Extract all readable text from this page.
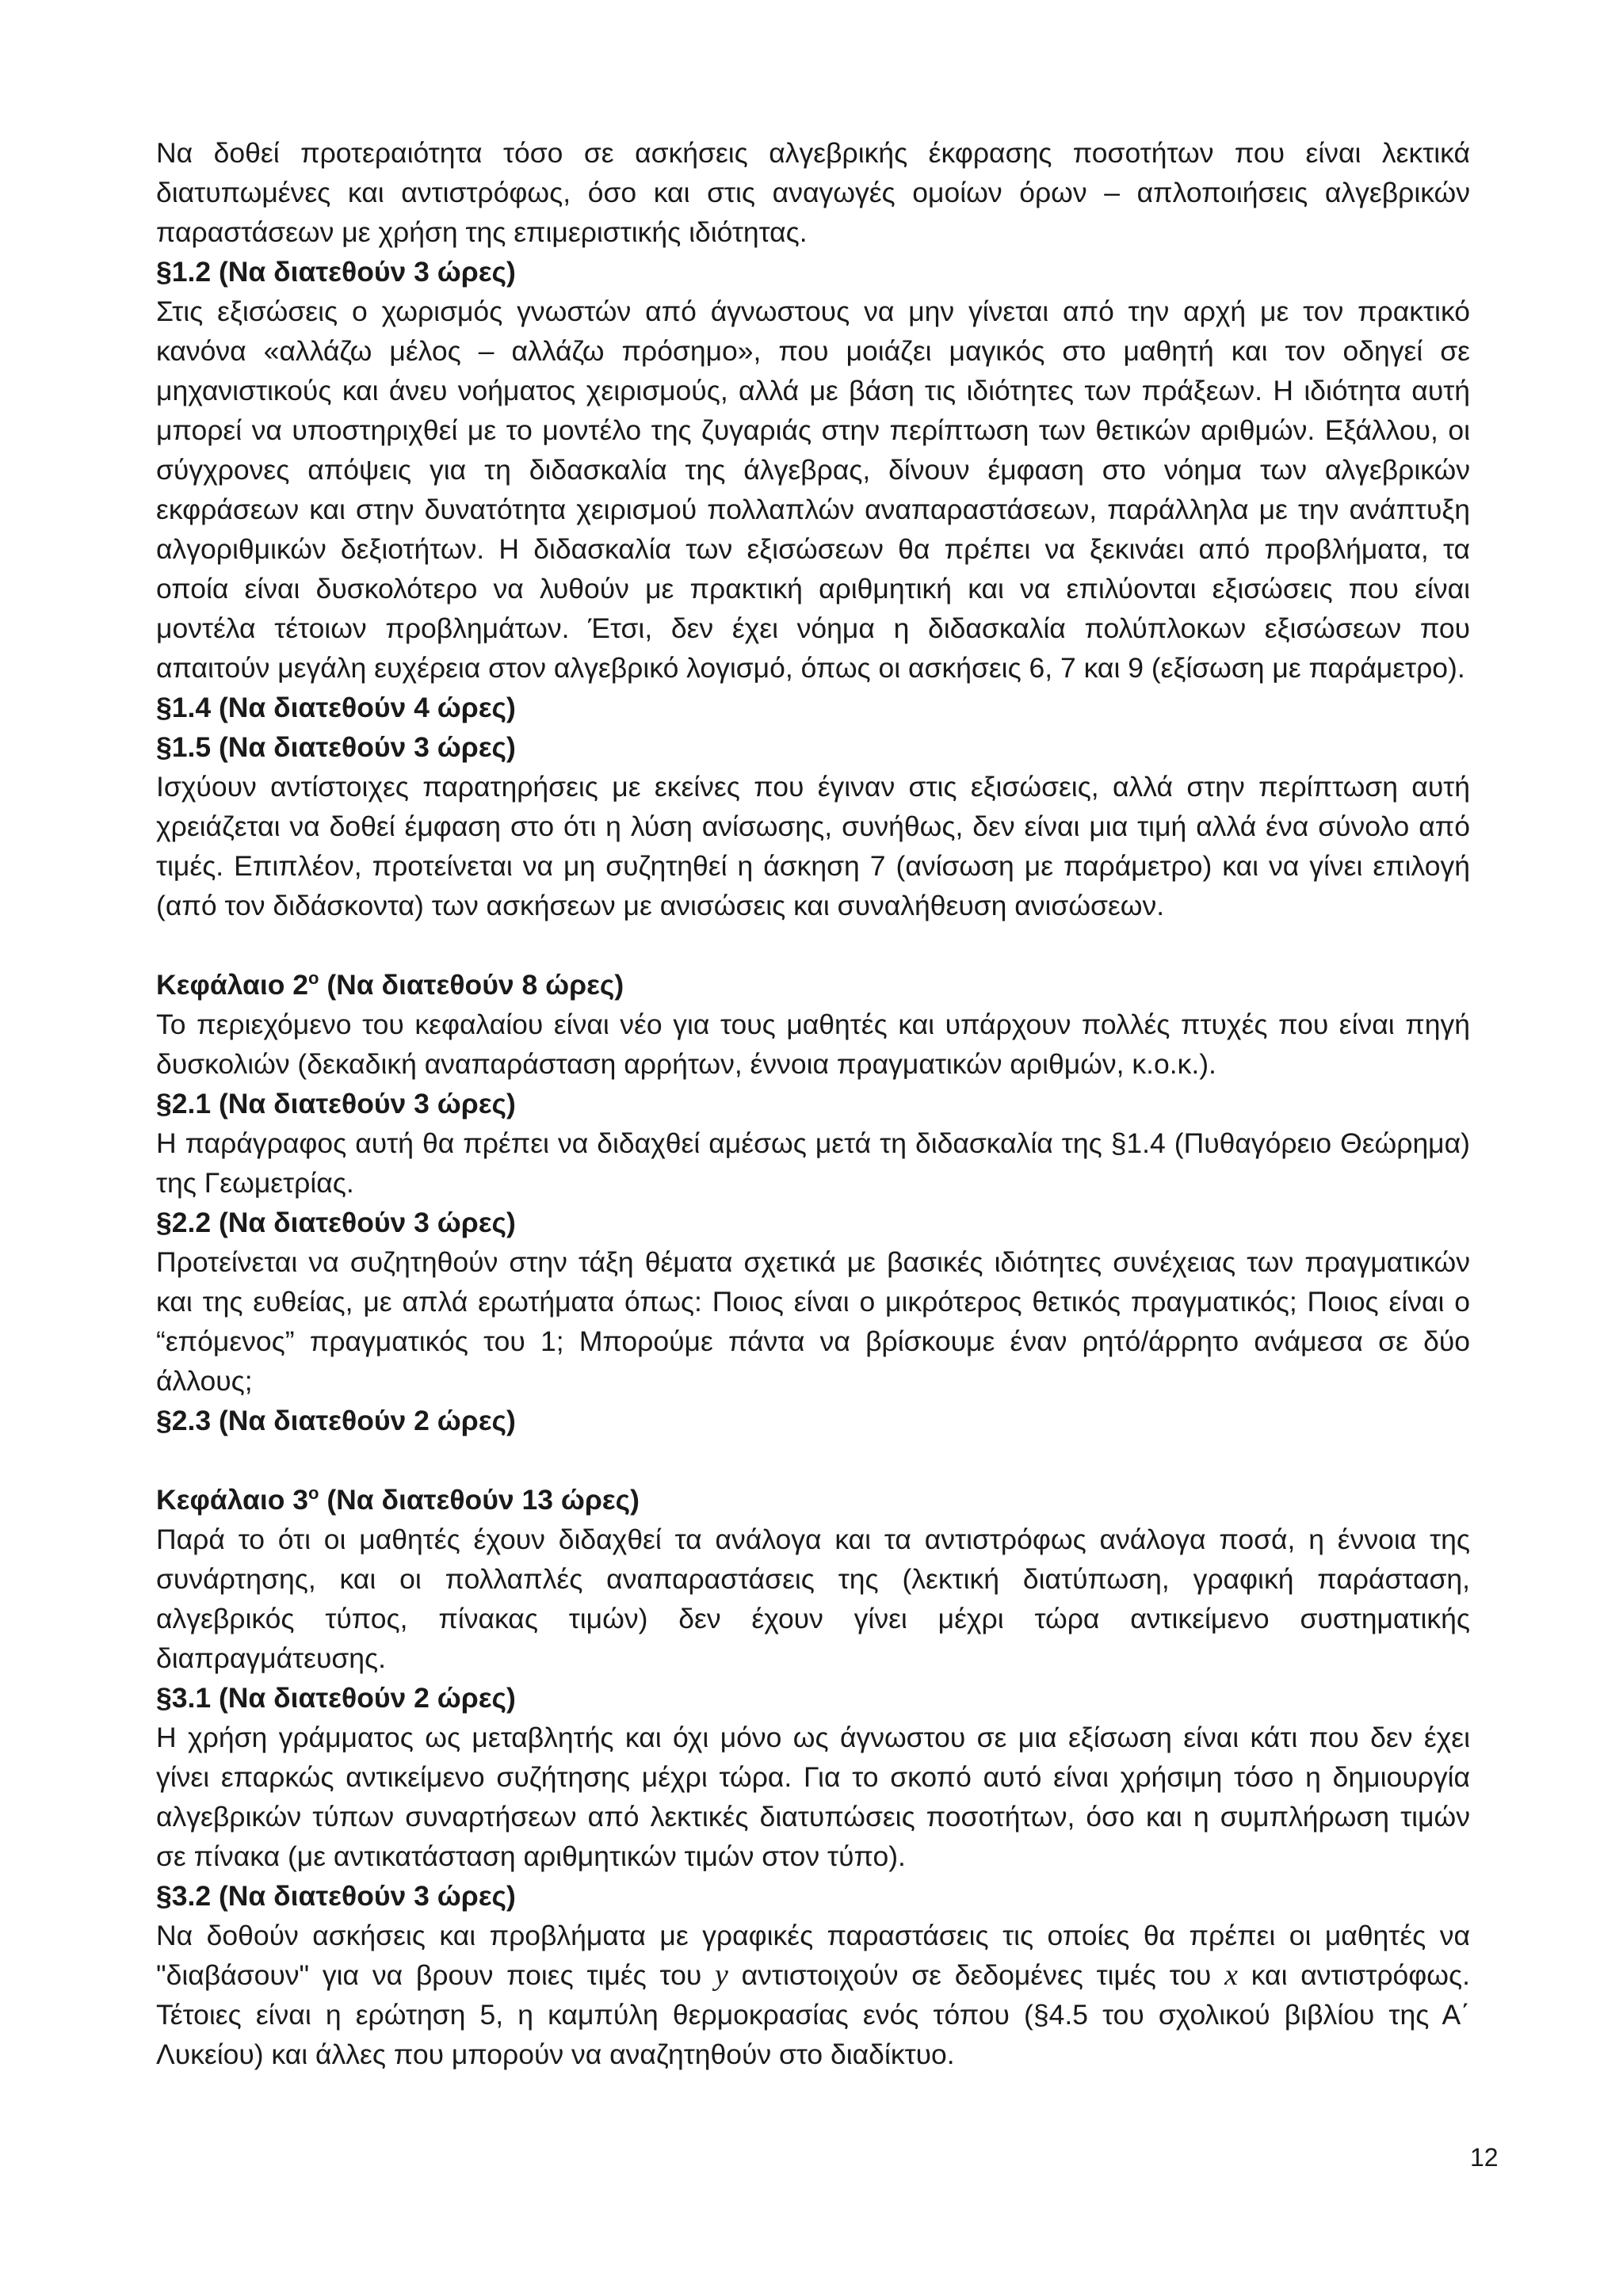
Να δοθεί προτεραιότητα τόσο σε ασκήσεις αλγεβρικής έκφρασης ποσοτήτων που είναι λεκτικά διατυπωμένες και αντιστρόφως, όσο και στις αναγωγές ομοίων όρων – απλοποιήσεις αλγεβρικών παραστάσεων με χρήση της επιμεριστικής ιδιότητας.

§1.2 (Να διατεθούν 3 ώρες)

Στις εξισώσεις ο χωρισμός γνωστών από άγνωστους να μην γίνεται από την αρχή με τον πρακτικό κανόνα «αλλάζω μέλος – αλλάζω πρόσημο», που μοιάζει μαγικός στο μαθητή και τον οδηγεί σε μηχανιστικούς και άνευ νοήματος χειρισμούς, αλλά με βάση τις ιδιότητες των πράξεων. Η ιδιότητα αυτή μπορεί να υποστηριχθεί με το μοντέλο της ζυγαριάς στην περίπτωση των θετικών αριθμών. Εξάλλου, οι σύγχρονες απόψεις για τη διδασκαλία της άλγεβρας, δίνουν έμφαση στο νόημα των αλγεβρικών εκφράσεων και στην δυνατότητα χειρισμού πολλαπλών αναπαραστάσεων, παράλληλα με την ανάπτυξη αλγοριθμικών δεξιοτήτων. Η διδασκαλία των εξισώσεων θα πρέπει να ξεκινάει από προβλήματα, τα οποία είναι δυσκολότερο να λυθούν με πρακτική αριθμητική και να επιλύονται εξισώσεις που είναι μοντέλα τέτοιων προβλημάτων. Έτσι, δεν έχει νόημα η διδασκαλία πολύπλοκων εξισώσεων που απαιτούν μεγάλη ευχέρεια στον αλγεβρικό λογισμό, όπως οι ασκήσεις 6, 7 και 9 (εξίσωση με παράμετρο).

§1.4 (Να διατεθούν 4 ώρες)

§1.5 (Να διατεθούν 3 ώρες)

Ισχύουν αντίστοιχες παρατηρήσεις με εκείνες που έγιναν στις εξισώσεις, αλλά στην περίπτωση αυτή χρειάζεται να δοθεί έμφαση στο ότι η λύση ανίσωσης, συνήθως, δεν είναι μια τιμή αλλά ένα σύνολο από τιμές. Επιπλέον, προτείνεται να μη συζητηθεί η άσκηση 7 (ανίσωση με παράμετρο) και να γίνει επιλογή (από τον διδάσκοντα) των ασκήσεων με ανισώσεις και συναλήθευση ανισώσεων.

Κεφάλαιο $2^o$ (Να διατεθούν 8 ώρες)

Το περιεχόμενο του κεφαλαίου είναι νέο για τους μαθητές και υπάρχουν πολλές πτυχές που είναι πηγή δυσκολιών (δεκαδική αναπαράσταση αρρήτων, έννοια πραγματικών αριθμών, κ.ο.κ.).

§2.1 (Να διατεθούν 3 ώρες)

Η παράγραφος αυτή θα πρέπει να διδαχθεί αμέσως μετά τη διδασκαλία της §1.4 (Πυθαγόρειο Θεώρημα) της Γεωμετρίας.

§2.2 (Να διατεθούν 3 ώρες)

Προτείνεται να συζητηθούν στην τάξη θέματα σχετικά με βασικές ιδιότητες συνέχειας των πραγματικών και της ευθείας, με απλά ερωτήματα όπως: Ποιος είναι ο μικρότερος θετικός πραγματικός; Ποιος είναι ο “επόμενος” πραγματικός του 1; Μπορούμε πάντα να βρίσκουμε έναν ρητό/άρρητο ανάμεσα σε δύο άλλους;

§2.3 (Να διατεθούν 2 ώρες)

Κεφάλαιο $3^o$ (Να διατεθούν 13 ώρες)

Παρά το ότι οι μαθητές έχουν διδαχθεί τα ανάλογα και τα αντιστρόφως ανάλογα ποσά, η έννοια της συνάρτησης, και οι πολλαπλές αναπαραστάσεις της (λεκτική διατύπωση, γραφική παράσταση, αλγεβρικός τύπος, πίνακας τιμών) δεν έχουν γίνει μέχρι τώρα αντικείμενο συστηματικής διαπραγμάτευσης.

§3.1 (Να διατεθούν 2 ώρες)

Η χρήση γράμματος ως μεταβλητής και όχι μόνο ως άγνωστου σε μια εξίσωση είναι κάτι που δεν έχει γίνει επαρκώς αντικείμενο συζήτησης μέχρι τώρα. Για το σκοπό αυτό είναι χρήσιμη τόσο η δημιουργία αλγεβρικών τύπων συναρτήσεων από λεκτικές διατυπώσεις ποσοτήτων, όσο και η συμπλήρωση τιμών σε πίνακα (με αντικατάσταση αριθμητικών τιμών στον τύπο).

§3.2 (Να διατεθούν 3 ώρες)

Να δοθούν ασκήσεις και προβλήματα με γραφικές παραστάσεις τις οποίες θα πρέπει οι μαθητές να "διαβάσουν" για να βρουν ποιες τιμές του y αντιστοιχούν σε δεδομένες τιμές του x και αντιστρόφως. Τέτοιες είναι η ερώτηση 5, η καμπύλη θερμοκρασίας ενός τόπου (§4.5 του σχολικού βιβλίου της Α΄ Λυκείου) και άλλες που μπορούν να αναζητηθούν στο διαδίκτυο.

12
